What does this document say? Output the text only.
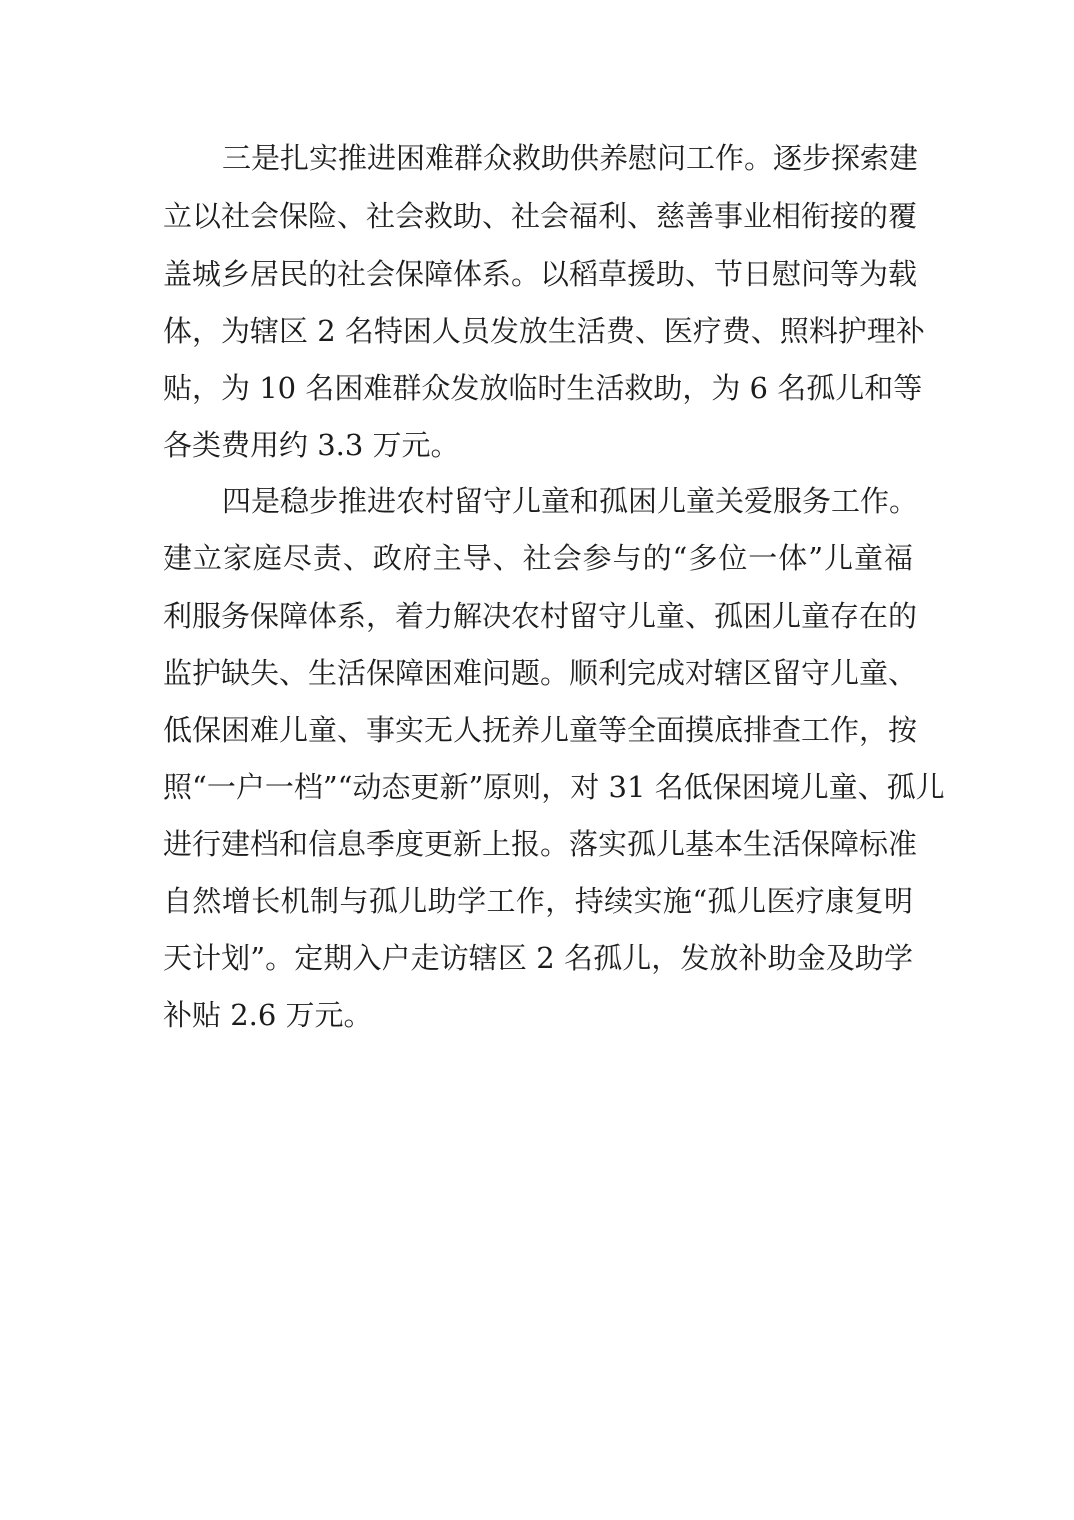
三是扎实推进困难群众救助供养慰问工作。逐步探索建
立以社会保险、社会救助、社会福利、慈善事业相衔接的覆
盖城乡居民的社会保障体系。以稻草援助、节日慰问等为载
体，为辖区 2 名特困人员发放生活费、医疗费、照料护理补
贴，为 10 名困难群众发放临时生活救助，为 6 名孤儿和等
各类费用约 3.3 万元。
四是稳步推进农村留守儿童和孤困儿童关爱服务工作。
建立家庭尽责、政府主导、社会参与的“多位一体”儿童福
利服务保障体系，着力解决农村留守儿童、孤困儿童存在的
监护缺失、生活保障困难问题。顺利完成对辖区留守儿童、
低保困难儿童、事实无人抚养儿童等全面摸底排查工作，按
照“一户一档”“动态更新”原则，对 31 名低保困境儿童、孤儿
进行建档和信息季度更新上报。落实孤儿基本生活保障标准
自然增长机制与孤儿助学工作，持续实施“孤儿医疗康复明
天计划”。定期入户走访辖区 2 名孤儿，发放补助金及助学
补贴 2.6 万元。
